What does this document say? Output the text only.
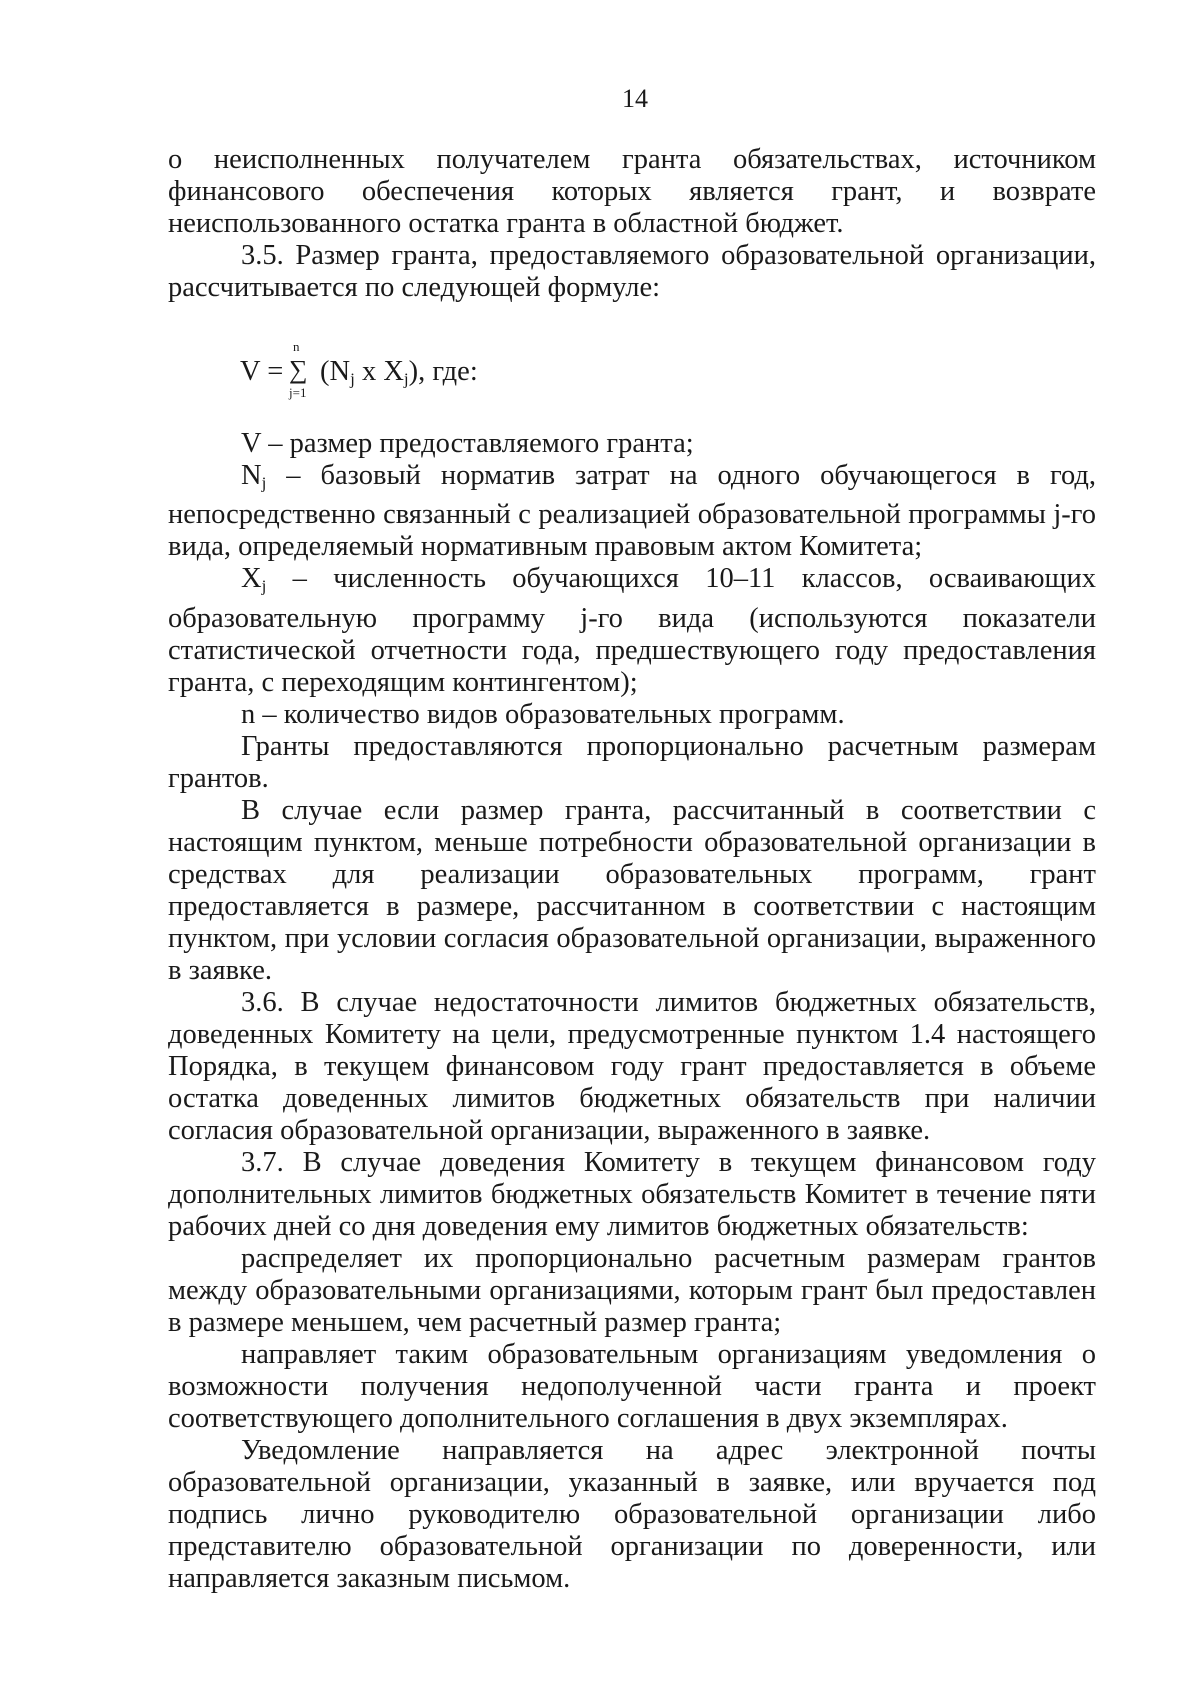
14

о неисполненных получателем гранта обязательствах, источником финансового обеспечения которых является грант, и возврате неиспользованного остатка гранта в областной бюджет.

3.5. Размер гранта, предоставляемого образовательной организации, рассчитывается по следующей формуле:

V =
n
∑
j=1
($N_j$ х $X_j$), где:

V – размер предоставляемого гранта;

$N_j$ – базовый норматив затрат на одного обучающегося в год, непосредственно связанный с реализацией образовательной программы j-го вида, определяемый нормативным правовым актом Комитета;

$X_j$ – численность обучающихся 10–11 классов, осваивающих образовательную программу j-го вида (используются показатели статистической отчетности года, предшествующего году предоставления гранта, с переходящим контингентом);

n – количество видов образовательных программ.

Гранты предоставляются пропорционально расчетным размерам грантов.

В случае если размер гранта, рассчитанный в соответствии с настоящим пунктом, меньше потребности образовательной организации в средствах для реализации образовательных программ, грант предоставляется в размере, рассчитанном в соответствии с настоящим пунктом, при условии согласия образовательной организации, выраженного в заявке.

3.6. В случае недостаточности лимитов бюджетных обязательств, доведенных Комитету на цели, предусмотренные пунктом 1.4 настоящего Порядка, в текущем финансовом году грант предоставляется в объеме остатка доведенных лимитов бюджетных обязательств при наличии согласия образовательной организации, выраженного в заявке.

3.7. В случае доведения Комитету в текущем финансовом году дополнительных лимитов бюджетных обязательств Комитет в течение пяти рабочих дней со дня доведения ему лимитов бюджетных обязательств:

распределяет их пропорционально расчетным размерам грантов между образовательными организациями, которым грант был предоставлен в размере меньшем, чем расчетный размер гранта;

направляет таким образовательным организациям уведомления о возможности получения недополученной части гранта и проект соответствующего дополнительного соглашения в двух экземплярах.

Уведомление направляется на адрес электронной почты образовательной организации, указанный в заявке, или вручается под подпись лично руководителю образовательной организации либо представителю образовательной организации по доверенности, или направляется заказным письмом.
